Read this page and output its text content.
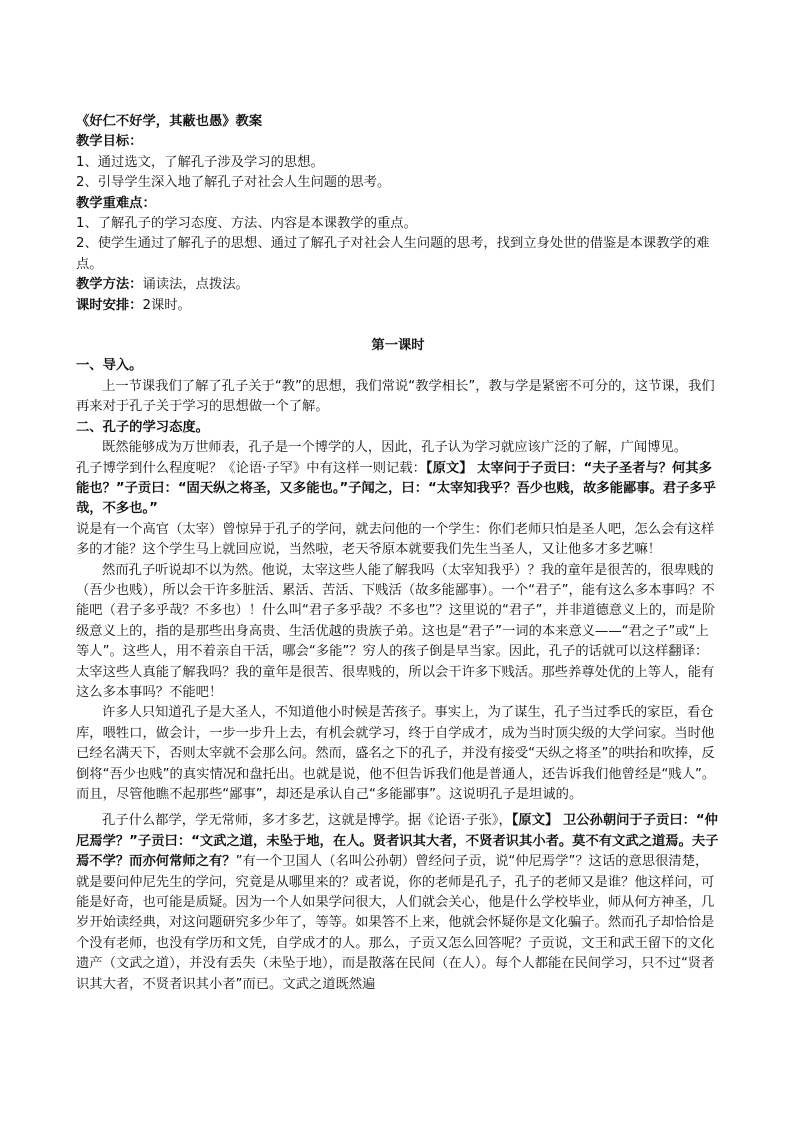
《好仁不好学，其蔽也愚》教案

教学目标：

1、通过选文，了解孔子涉及学习的思想。

2、引导学生深入地了解孔子对社会人生问题的思考。

教学重难点：

1、了解孔子的学习态度、方法、内容是本课教学的重点。

2、使学生通过了解孔子的思想、通过了解孔子对社会人生问题的思考，找到立身处世的借鉴是本课教学的难点。

教学方法：诵读法，点拨法。

课时安排：2课时。

第一课时

一、导入。

上一节课我们了解了孔子关于“教”的思想，我们常说“教学相长”，教与学是紧密不可分的，这节课，我们再来对于孔子关于学习的思想做一个了解。

二、孔子的学习态度。

既然能够成为万世师表，孔子是一个博学的人，因此，孔子认为学习就应该广泛的了解，广闻博见。

孔子博学到什么程度呢？《论语·子罕》中有这样一则记载：【原文】 太宰问于子贡曰：“夫子圣者与？何其多能也？”子贡曰：“固天纵之将圣，又多能也。”子闻之，曰：“太宰知我乎？吾少也贱，故多能鄙事。君子多乎哉，不多也。”

说是有一个高官（太宰）曾惊异于孔子的学问，就去问他的一个学生：你们老师只怕是圣人吧，怎么会有这样多的才能？这个学生马上就回应说，当然啦，老天爷原本就要我们先生当圣人，又让他多才多艺嘛！

然而孔子听说却不以为然。他说，太宰这些人能了解我吗（太宰知我乎）？我的童年是很苦的，很卑贱的（吾少也贱），所以会干许多脏活、累活、苦活、下贱活（故多能鄙事）。一个“君子”，能有这么多本事吗？不能吧（君子多乎哉？不多也）！什么叫“君子多乎哉？不多也”？这里说的“君子”，并非道德意义上的，而是阶级意义上的，指的是那些出身高贵、生活优越的贵族子弟。这也是“君子”一词的本来意义——“君之子”或“上等人”。这些人，用不着亲自干活，哪会“多能”？穷人的孩子倒是早当家。因此，孔子的话就可以这样翻译：太宰这些人真能了解我吗？我的童年是很苦、很卑贱的，所以会干许多下贱活。那些养尊处优的上等人，能有这么多本事吗？不能吧！

许多人只知道孔子是大圣人，不知道他小时候是苦孩子。事实上，为了谋生，孔子当过季氏的家臣，看仓库，喂牲口，做会计，一步一步升上去，有机会就学习，终于自学成才，成为当时顶尖级的大学问家。当时他已经名满天下，否则太宰就不会那么问。然而，盛名之下的孔子，并没有接受“天纵之将圣”的哄抬和吹捧，反倒将“吾少也贱”的真实情况和盘托出。也就是说，他不但告诉我们他是普通人，还告诉我们他曾经是“贱人”。而且，尽管他瞧不起那些“鄙事”，却还是承认自己“多能鄙事”。这说明孔子是坦诚的。

孔子什么都学，学无常师，多才多艺，这就是博学。据《论语·子张》，【原文】 卫公孙朝问于子贡曰：“仲尼焉学？”子贡曰：“文武之道，未坠于地，在人。贤者识其大者，不贤者识其小者。莫不有文武之道焉。夫子焉不学？而亦何常师之有？”有一个卫国人（名叫公孙朝）曾经问子贡，说“仲尼焉学”？这话的意思很清楚，就是要问仲尼先生的学问，究竟是从哪里来的？或者说，你的老师是孔子，孔子的老师又是谁？他这样问，可能是好奇，也可能是质疑。因为一个人如果学问很大，人们就会关心，他是什么学校毕业，师从何方神圣，几岁开始读经典，对这问题研究多少年了，等等。如果答不上来，他就会怀疑你是文化骗子。然而孔子却恰恰是个没有老师，也没有学历和文凭，自学成才的人。那么，子贡又怎么回答呢？子贡说，文王和武王留下的文化遗产（文武之道），并没有丢失（未坠于地），而是散落在民间（在人）。每个人都能在民间学习，只不过“贤者识其大者，不贤者识其小者”而已。文武之道既然遍
